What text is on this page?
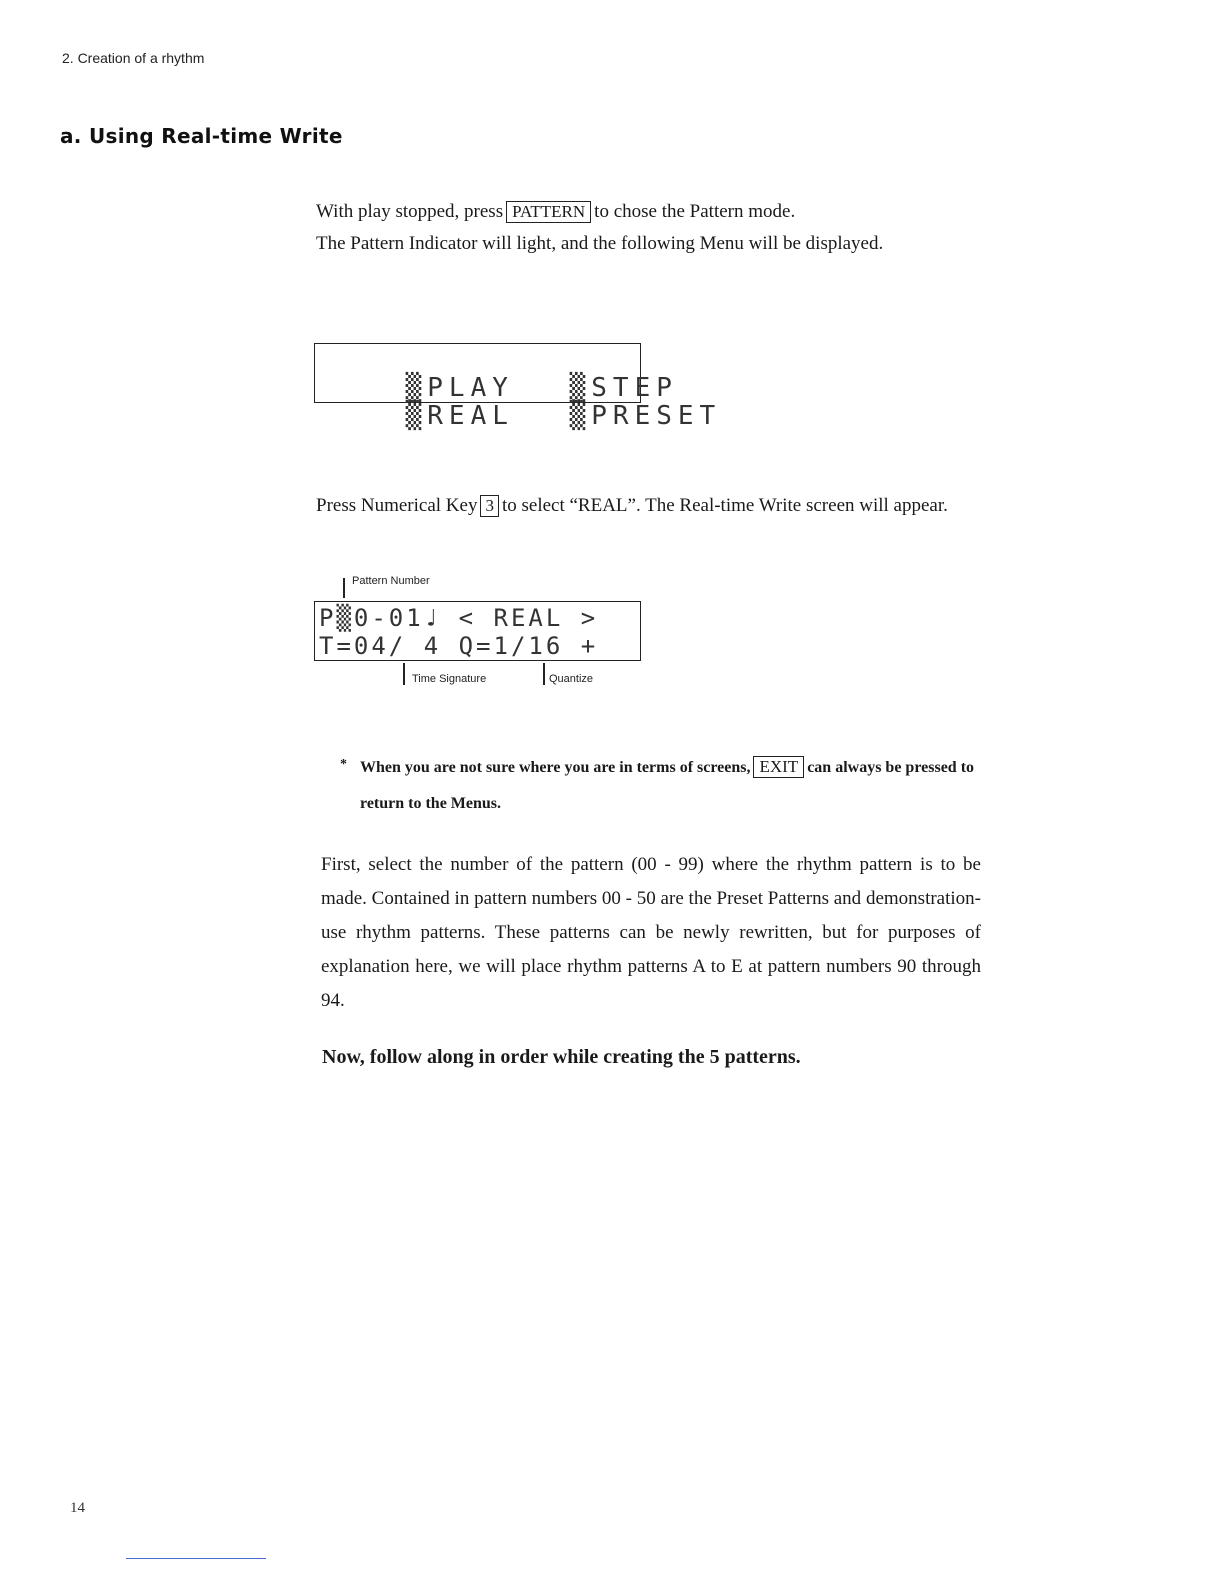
2. Creation of a rhythm
a. Using Real-time Write
With play stopped, press PATTERN to chose the Pattern mode.
The Pattern Indicator will light, and the following Menu will be displayed.

▒PLAY ▒STEP

▒REAL ▒PRESET

Press Numerical Key 3 to select “REAL”. The Real-time Write screen will appear.
Pattern Number
P▒0-01♩ < REAL >
T=04/ 4 Q=1/16 +
Time Signature	Quantize
* When you are not sure where you are in terms of screens, EXIT can always be pressed to return to the Menus.
First, select the number of the pattern (00 - 99) where the rhythm pattern is to be made. Contained in pattern numbers 00 - 50 are the Preset Patterns and demonstration-use rhythm patterns. These patterns can be newly rewritten, but for purposes of explanation here, we will place rhythm patterns A to E at pattern numbers 90 through 94.
Now, follow along in order while creating the 5 patterns.
14
